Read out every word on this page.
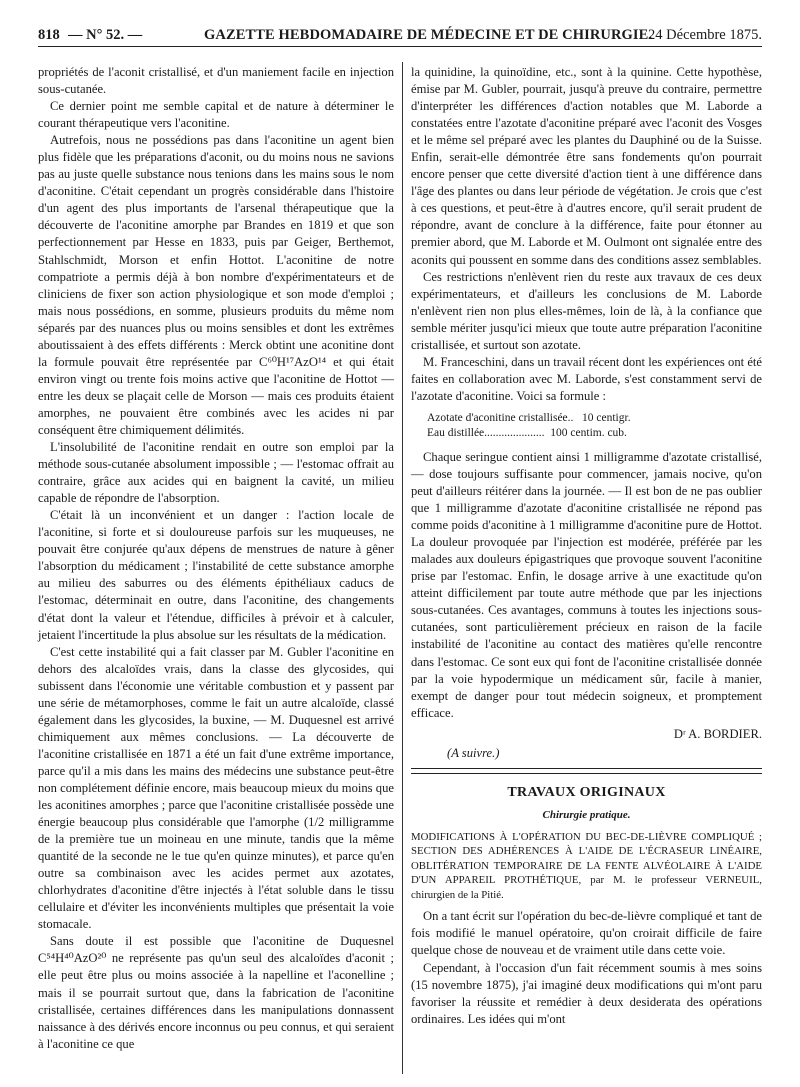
818 — N° 52. —	GAZETTE HEBDOMADAIRE DE MÉDECINE ET DE CHIRURGIE.
24 Décembre 1875.

propriétés de l'aconit cristallisé, et d'un maniement facile en injection sous-cutanée.

Ce dernier point me semble capital et de nature à déterminer le courant thérapeutique vers l'aconitine.

Autrefois, nous ne possédions pas dans l'aconitine un agent bien plus fidèle que les préparations d'aconit, ou du moins nous ne savions pas au juste quelle substance nous tenions dans les mains sous le nom d'aconitine. C'était cependant un progrès considérable dans l'histoire d'un agent des plus importants de l'arsenal thérapeutique que la découverte de l'aconitine amorphe par Brandes en 1819 et que son perfectionnement par Hesse en 1833, puis par Geiger, Berthemot, Stahlschmidt, Morson et enfin Hottot. L'aconitine de notre compatriote a permis déjà à bon nombre d'expérimentateurs et de cliniciens de fixer son action physiologique et son mode d'emploi ; mais nous possédions, en somme, plusieurs produits du même nom séparés par des nuances plus ou moins sensibles et dont les extrêmes aboutissaient à des effets différents : Merck obtint une aconitine dont la formule pouvait être représentée par C⁶⁰H¹⁷AzO¹⁴ et qui était environ vingt ou trente fois moins active que l'aconitine de Hottot — entre les deux se plaçait celle de Morson — mais ces produits étaient amorphes, ne pouvaient être combinés avec les acides ni par conséquent être chimiquement délimités.

L'insolubilité de l'aconitine rendait en outre son emploi par la méthode sous-cutanée absolument impossible ; — l'estomac offrait au contraire, grâce aux acides qui en baignent la cavité, un milieu capable de répondre de l'absorption.

C'était là un inconvénient et un danger : l'action locale de l'aconitine, si forte et si douloureuse parfois sur les muqueuses, ne pouvait être conjurée qu'aux dépens de menstrues de nature à gêner l'absorption du médicament ; l'instabilité de cette substance amorphe au milieu des saburres ou des éléments épithéliaux caducs de l'estomac, déterminait en outre, dans l'aconitine, des changements d'état dont la valeur et l'étendue, difficiles à prévoir et à calculer, jetaient l'incertitude la plus absolue sur les résultats de la médication.

C'est cette instabilité qui a fait classer par M. Gubler l'aconitine en dehors des alcaloïdes vrais, dans la classe des glycosides, qui subissent dans l'économie une véritable combustion et y passent par une série de métamorphoses, comme le fait un autre alcaloïde, classé également dans les glycosides, la buxine, — M. Duquesnel est arrivé chimiquement aux mêmes conclusions. — La découverte de l'aconitine cristallisée en 1871 a été un fait d'une extrême importance, parce qu'il a mis dans les mains des médecins une substance peut-être non complétement définie encore, mais beaucoup mieux du moins que les aconitines amorphes ; parce que l'aconitine cristallisée possède une énergie beaucoup plus considérable que l'amorphe (1/2 milligramme de la première tue un moineau en une minute, tandis que la même quantité de la seconde ne le tue qu'en quinze minutes), et parce qu'en outre sa combinaison avec les acides permet aux azotates, chlorhydrates d'aconitine d'être injectés à l'état soluble dans le tissu cellulaire et d'éviter les inconvénients multiples que présentait la voie stomacale.

Sans doute il est possible que l'aconitine de Duquesnel C⁵⁴H⁴⁰AzO²⁰ ne représente pas qu'un seul des alcaloïdes d'aconit ; elle peut être plus ou moins associée à la napelline et l'aconelline ; mais il se pourrait surtout que, dans la fabrication de l'aconitine cristallisée, certaines différences dans les manipulations donnassent naissance à des dérivés encore inconnus ou peu connus, et qui seraient à l'aconitine ce que

la quinidine, la quinoïdine, etc., sont à la quinine. Cette hypothèse, émise par M. Gubler, pourrait, jusqu'à preuve du contraire, permettre d'interpréter les différences d'action notables que M. Laborde a constatées entre l'azotate d'aconitine préparé avec l'aconit des Vosges et le même sel préparé avec les plantes du Dauphiné ou de la Suisse. Enfin, serait-elle démontrée être sans fondements qu'on pourrait encore penser que cette diversité d'action tient à une différence dans l'âge des plantes ou dans leur période de végétation. Je crois que c'est à ces questions, et peut-être à d'autres encore, qu'il serait prudent de répondre, avant de conclure à la différence, faite pour étonner au premier abord, que M. Laborde et M. Oulmont ont signalée entre des aconits qui poussent en somme dans des conditions assez semblables.

Ces restrictions n'enlèvent rien du reste aux travaux de ces deux expérimentateurs, et d'ailleurs les conclusions de M. Laborde n'enlèvent rien non plus elles-mêmes, loin de là, à la confiance que semble mériter jusqu'ici mieux que toute autre préparation l'aconitine cristallisée, et surtout son azotate.

M. Franceschini, dans un travail récent dont les expériences ont été faites en collaboration avec M. Laborde, s'est constamment servi de l'azotate d'aconitine. Voici sa formule :

Azotate d'aconitine cristallisée..   10 centigr.
Eau distillée.....................  100 centim. cub.

Chaque seringue contient ainsi 1 milligramme d'azotate cristallisé, — dose toujours suffisante pour commencer, jamais nocive, qu'on peut d'ailleurs réitérer dans la journée. — Il est bon de ne pas oublier que 1 milligramme d'azotate d'aconitine cristallisée ne répond pas comme poids d'aconitine à 1 milligramme d'aconitine pure de Hottot. La douleur provoquée par l'injection est modérée, préférée par les malades aux douleurs épigastriques que provoque souvent l'aconitine prise par l'estomac. Enfin, le dosage arrive à une exactitude qu'on atteint difficilement par toute autre méthode que par les injections sous-cutanées. Ces avantages, communs à toutes les injections sous-cutanées, sont particulièrement précieux en raison de la facile instabilité de l'aconitine au contact des matières qu'elle rencontre dans l'estomac. Ce sont eux qui font de l'aconitine cristallisée donnée par la voie hypodermique un médicament sûr, facile à manier, exempt de danger pour tout médecin soigneux, et promptement efficace.

Dʳ A. BORDIER.
(A suivre.)
TRAVAUX ORIGINAUX
Chirurgie pratique.

MODIFICATIONS À L'OPÉRATION DU BEC-DE-LIÈVRE COMPLIQUÉ ; SECTION DES ADHÉRENCES À L'AIDE DE L'ÉCRASEUR LINÉAIRE, OBLITÉRATION TEMPORAIRE DE LA FENTE ALVÉOLAIRE À L'AIDE D'UN APPAREIL PROTHÉTIQUE, par M. le professeur VERNEUIL, chirurgien de la Pitié.

On a tant écrit sur l'opération du bec-de-lièvre compliqué et tant de fois modifié le manuel opératoire, qu'on croirait difficile de faire quelque chose de nouveau et de vraiment utile dans cette voie.

Cependant, à l'occasion d'un fait récemment soumis à mes soins (15 novembre 1875), j'ai imaginé deux modifications qui m'ont paru favoriser la réussite et remédier à deux desiderata des opérations ordinaires. Les idées qui m'ont
